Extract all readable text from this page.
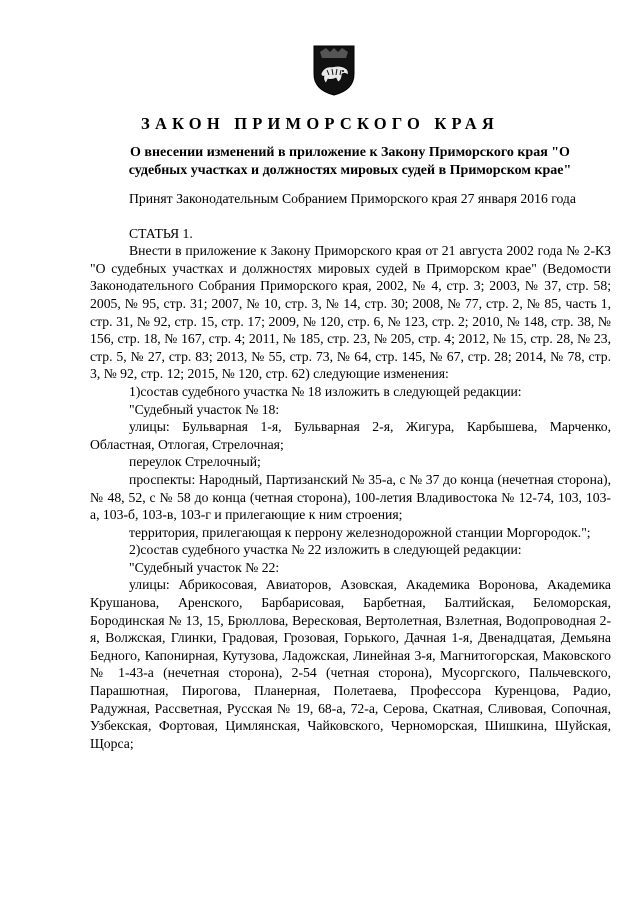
ЗАКОН ПРИМОРСКОГО КРАЯ
О внесении изменений в приложение к Закону Приморского края "О
судебных участках и должностях мировых судей в Приморском крае"

Принят Законодательным Собранием Приморского края 27 января 2016 года

СТАТЬЯ 1.

Внести в приложение к Закону Приморского края от 21 августа 2002 года № 2-КЗ "О судебных участках и должностях мировых судей в Приморском крае" (Ведомости Законодательного Собрания Приморского края, 2002, № 4, стр. 3; 2003, № 37, стр. 58; 2005, № 95, стр. 31; 2007, № 10, стр. 3, № 14, стр. 30; 2008, № 77, стр. 2, № 85, часть 1, стр. 31, № 92, стр. 15, стр. 17; 2009, № 120, стр. 6, № 123, стр. 2; 2010, № 148, стр. 38, № 156, стр. 18, № 167, стр. 4; 2011, № 185, стр. 23, № 205, стр. 4; 2012, № 15, стр. 28, № 23, стр. 5, № 27, стр. 83; 2013, № 55, стр. 73, № 64, стр. 145, № 67, стр. 28; 2014, № 78, стр. 3, № 92, стр. 12; 2015, № 120, стр. 62) следующие изменения:

1)состав судебного участка № 18 изложить в следующей редакции:

"Судебный участок № 18:

улицы: Бульварная 1-я, Бульварная 2-я, Жигура, Карбышева, Марченко, Областная, Отлогая, Стрелочная;

переулок Стрелочный;

проспекты: Народный, Партизанский № 35-а, с № 37 до конца (нечетная сторона), № 48, 52, с № 58 до конца (четная сторона), 100-летия Владивостока № 12-74, 103, 103-а, 103-б, 103-в, 103-г и прилегающие к ним строения;

территория, прилегающая к перрону железнодорожной станции Моргородок.";

2)состав судебного участка № 22 изложить в следующей редакции:

"Судебный участок № 22:

улицы: Абрикосовая, Авиаторов, Азовская, Академика Воронова, Академика Крушанова, Аренского, Барбарисовая, Барбетная, Балтийская, Беломорская, Бородинская № 13, 15, Брюллова, Вересковая, Вертолетная, Взлетная, Водопроводная 2-я, Волжская, Глинки, Градовая, Грозовая, Горького, Дачная 1-я, Двенадцатая, Демьяна Бедного, Капонирная, Кутузова, Ладожская, Линейная 3-я, Магнитогорская, Маковского № 1-43-а (нечетная сторона), 2-54 (четная сторона), Мусоргского, Пальчевского, Парашютная, Пирогова, Планерная, Полетаева, Профессора Куренцова, Радио, Радужная, Рассветная, Русская № 19, 68-а, 72-а, Серова, Скатная, Сливовая, Сопочная, Узбекская, Фортовая, Цимлянская, Чайковского, Черноморская, Шишкина, Шуйская, Щорса;
